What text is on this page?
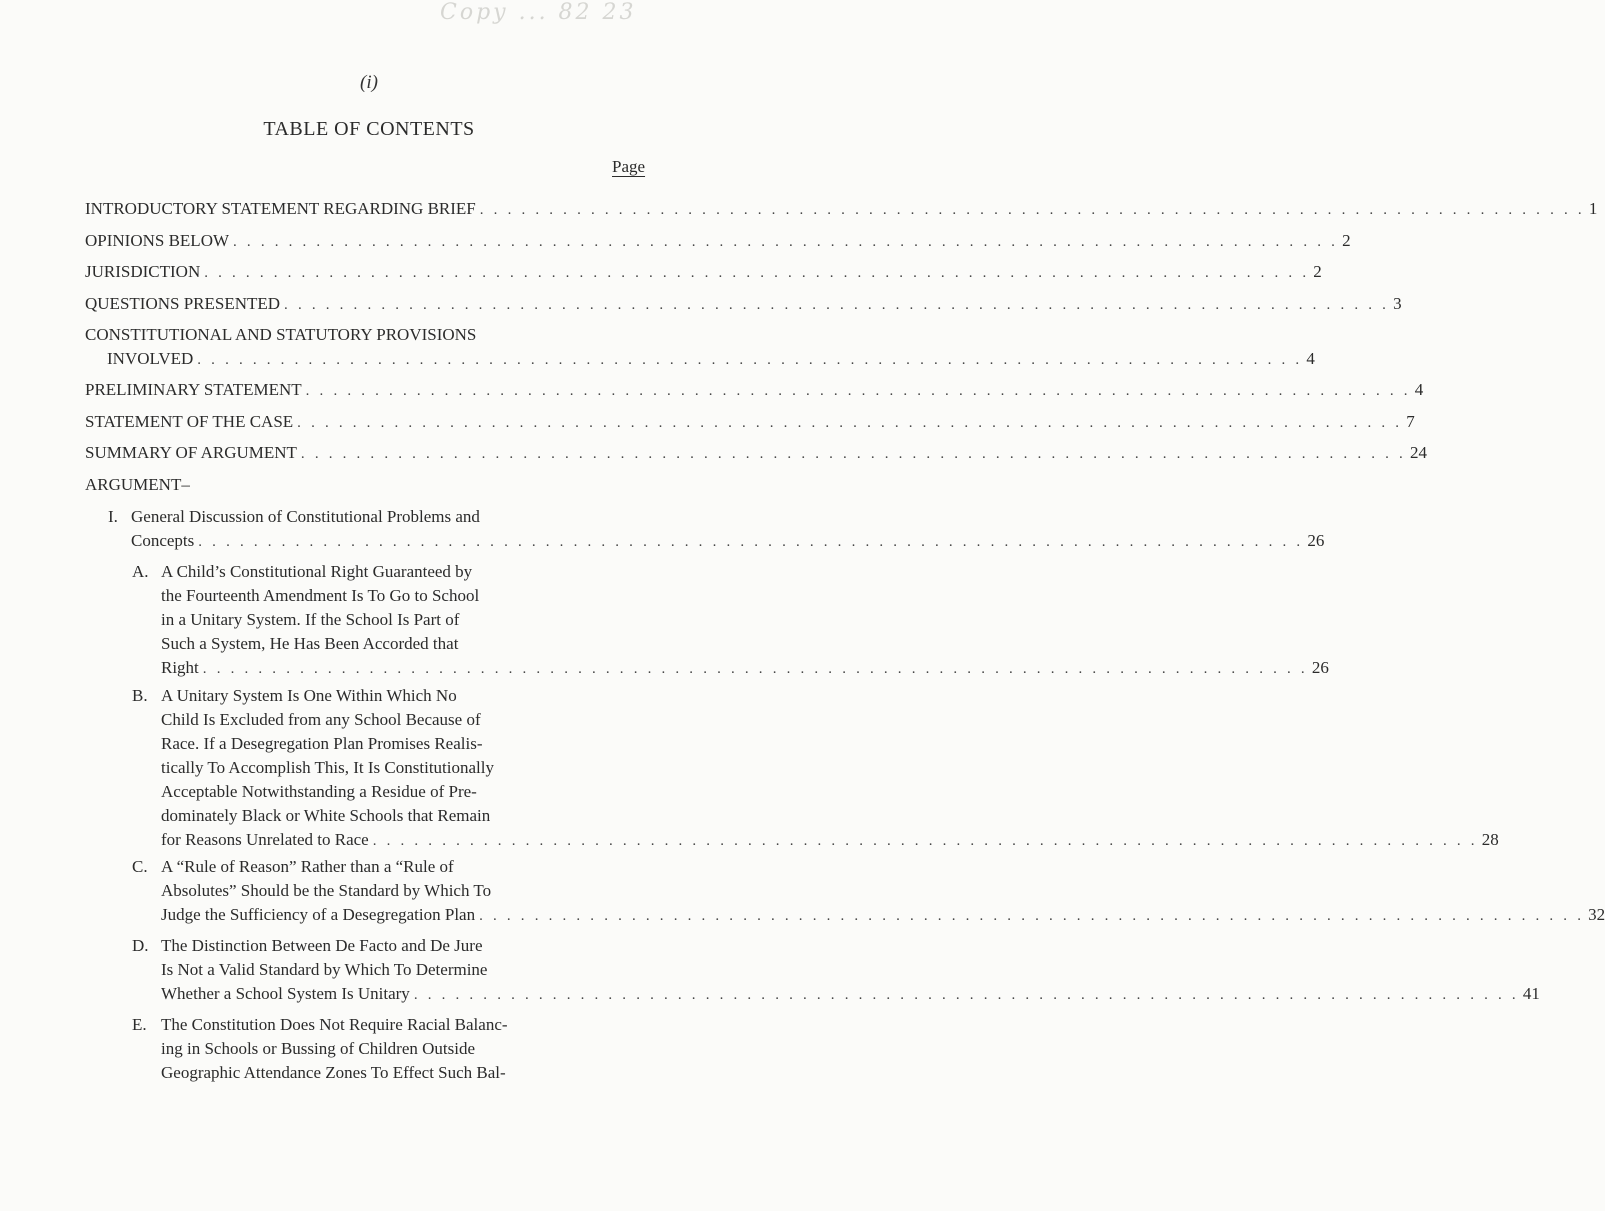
Copy ... 82 23
(i)
TABLE OF CONTENTS
Page
INTRODUCTORY STATEMENT REGARDING BRIEF . . . . . . . . . . . . . . . . . . . . . . . . . . . . . . . . . . . . . . . . . . . . . . . . . . . . . . . . . . . . . . . . . . . . . . . . . . . . . . . . 1
OPINIONS BELOW . . . . . . . . . . . . . . . . . . . . . . . . . . . . . . . . . . . . . . . . . . . . . . . . . . . . . . . . . . . . . . . . . . . . . . . . . . . . . . . . 2
JURISDICTION . . . . . . . . . . . . . . . . . . . . . . . . . . . . . . . . . . . . . . . . . . . . . . . . . . . . . . . . . . . . . . . . . . . . . . . . . . . . . . . . 2
QUESTIONS PRESENTED . . . . . . . . . . . . . . . . . . . . . . . . . . . . . . . . . . . . . . . . . . . . . . . . . . . . . . . . . . . . . . . . . . . . . . . . . . . . . . . . 3
CONSTITUTIONAL AND STATUTORY PROVISIONS
INVOLVED . . . . . . . . . . . . . . . . . . . . . . . . . . . . . . . . . . . . . . . . . . . . . . . . . . . . . . . . . . . . . . . . . . . . . . . . . . . . . . . . 4
PRELIMINARY STATEMENT . . . . . . . . . . . . . . . . . . . . . . . . . . . . . . . . . . . . . . . . . . . . . . . . . . . . . . . . . . . . . . . . . . . . . . . . . . . . . . . . 4
STATEMENT OF THE CASE . . . . . . . . . . . . . . . . . . . . . . . . . . . . . . . . . . . . . . . . . . . . . . . . . . . . . . . . . . . . . . . . . . . . . . . . . . . . . . . . 7
SUMMARY OF ARGUMENT . . . . . . . . . . . . . . . . . . . . . . . . . . . . . . . . . . . . . . . . . . . . . . . . . . . . . . . . . . . . . . . . . . . . . . . . . . . . . . . . 24
ARGUMENT–
I. General Discussion of Constitutional Problems and
Concepts . . . . . . . . . . . . . . . . . . . . . . . . . . . . . . . . . . . . . . . . . . . . . . . . . . . . . . . . . . . . . . . . . . . . . . . . . . . . . . . . 26
A. A Child’s Constitutional Right Guaranteed by
the Fourteenth Amendment Is To Go to School
in a Unitary System. If the School Is Part of
Such a System, He Has Been Accorded that
Right . . . . . . . . . . . . . . . . . . . . . . . . . . . . . . . . . . . . . . . . . . . . . . . . . . . . . . . . . . . . . . . . . . . . . . . . . . . . . . . . 26
B. A Unitary System Is One Within Which No
Child Is Excluded from any School Because of
Race. If a Desegregation Plan Promises Realis-
tically To Accomplish This, It Is Constitutionally
Acceptable Notwithstanding a Residue of Pre-
dominately Black or White Schools that Remain
for Reasons Unrelated to Race . . . . . . . . . . . . . . . . . . . . . . . . . . . . . . . . . . . . . . . . . . . . . . . . . . . . . . . . . . . . . . . . . . . . . . . . . . . . . . . . 28
C. A “Rule of Reason” Rather than a “Rule of
Absolutes” Should be the Standard by Which To
Judge the Sufficiency of a Desegregation Plan . . . . . . . . . . . . . . . . . . . . . . . . . . . . . . . . . . . . . . . . . . . . . . . . . . . . . . . . . . . . . . . . . . . . . . . . . . . . . . . . 32
D. The Distinction Between De Facto and De Jure
Is Not a Valid Standard by Which To Determine
Whether a School System Is Unitary . . . . . . . . . . . . . . . . . . . . . . . . . . . . . . . . . . . . . . . . . . . . . . . . . . . . . . . . . . . . . . . . . . . . . . . . . . . . . . . . 41
E. The Constitution Does Not Require Racial Balanc-
ing in Schools or Bussing of Children Outside
Geographic Attendance Zones To Effect Such Bal-
